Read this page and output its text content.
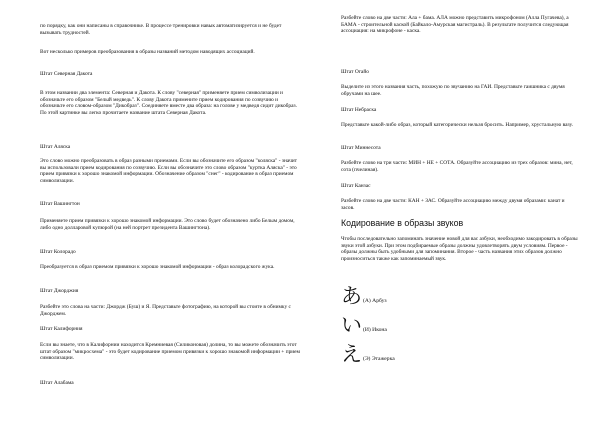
по порядку, как они написаны в справочнике. В процессе тренировки навык автоматизируется и не будет вызывать трудностей.

Вот несколько примеров преобразования в образы названий методом наводящих ассоциаций.

Штат Северная Дакота

В этом названии два элемента: Северная и Дакота. К слову "северная" применяете прием символизации и обозначьте его образом "Белый медведь". К слову Дакота примените прием кодирования по созвучию и обозначьте его словом-образом "Дикобраз". Соединяете вместе два образа: на голове у медведя сидит дикобраз. По этой картинке вы легко прочитаете название штата Северная Дакота.

Штат Аляска

Это слово можно преобразовать в образ разными приемами. Если вы обозначите его образом "коляска" - значит вы использовали прием кодирования по созвучию. Если вы обозначите это слово образом "куртка Аляска" - это прием привязки к хорошо знакомой информации. Обозначение образом "снег" - кодирование в образ приемом символизации.

Штат Вашингтон

Применяете прием привязки к хорошо знакомой информации. Это слово будет обозначено либо Белым домом, либо одно долларовой купюрой (на ней портрет президента Вашингтона).

Штат Колорадо

Преобразуется в образ приемом привязки к хорошо знакомой информации - образ колорадского жука.

Штат Джорджия

Разбейте это слова на части: Джордж (Буш) и Я. Представьте фотографию, на которой вы стоите в обнимку с Джорджем.

Штат Калифорния

Если вы знаете, что в Калифорнии находится Кремниевая (Силиконовая) долина, то вы можете обозначить этот штат образом "микросхема" - это будет кодирование приемом привязки к хорошо знакомой информации + прием символизации.

Штат Алабама

Разбейте слово на две части: Ала + бама. АЛА можно представить микрофоном (Алла Пугачева), а БАМА - строительной каской (Байкало-Амурская магистраль). В результате получится следующая ассоциация: на микрофоне - каска.

Штат Огайо

Выделите из этого названия часть, похожую по звучанию на ГАИ. Представьте гаишника с двумя обручами на шее.

Штат Небраска

Представьте какой-либо образ, который категорически нельзя бросить. Например, хрустальную вазу.

Штат Миннесота

Разбейте слово на три части: МИН + НЕ + СОТА. Образуйте ассоциацию из трех образов: мина, нет, сота (пчелиная).

Штат Канзас

Разбейте слово на две части: КАН + ЗАС. Образуйте ассоциацию между двумя образами: канат и засов.

Кодирование в образы звуков

Чтобы последовательно запоминать значение новой для вас азбуки, необходимо закодировать в образы звуки этой азбуки. При этом подбираемые образы должны удовлетворять двум условиям. Первое - образы должны быть удобными для запоминания. Второе - часть названия этих образов должно произноситься также как запоминаемый звук.

あ (А) Арбуз
い (И) Икона
え (Э) Этажерка
